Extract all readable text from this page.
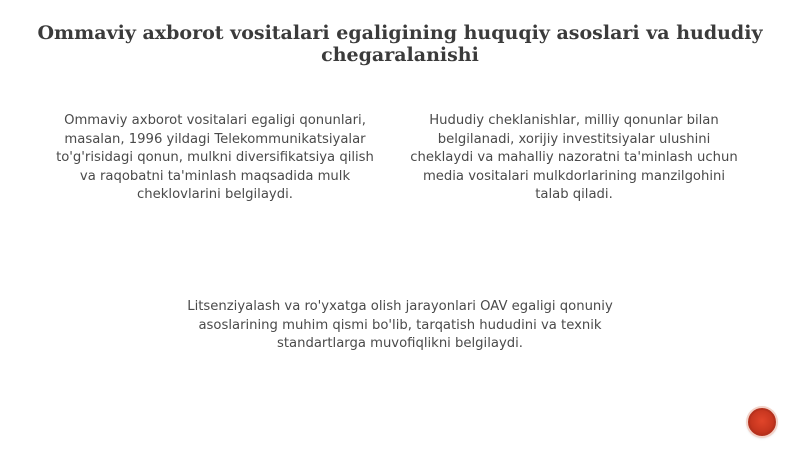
Ommaviy axborot vositalari egaligining huquqiy asoslari va hududiy chegaralanishi

Ommaviy axborot vositalari egaligi qonunlari, masalan, 1996 yildagi Telekommunikatsiyalar to'g'risidagi qonun, mulkni diversifikatsiya qilish va raqobatni ta'minlash maqsadida mulk cheklovlarini belgilaydi.

Hududiy cheklanishlar, milliy qonunlar bilan belgilanadi, xorijiy investitsiyalar ulushini cheklaydi va mahalliy nazoratni ta'minlash uchun media vositalari mulkdorlarining manzilgohini talab qiladi.

Litsenziyalash va ro'yxatga olish jarayonlari OAV egaligi qonuniy asoslarining muhim qismi bo'lib, tarqatish hududini va texnik standartlarga muvofiqlikni belgilaydi.
